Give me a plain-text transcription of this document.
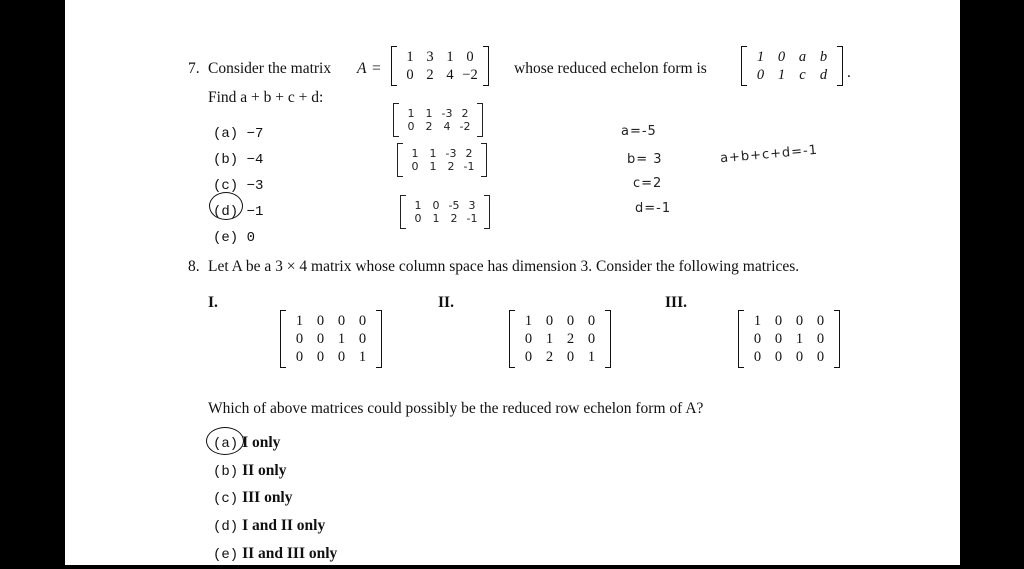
7. Consider the matrix A =
1 3 1 0
0 2 4 −2 whose reduced echelon form is
1 0 a b
0 1 c d	.
Find a + b + c + d:
(a) −7
(b) −4
(c) −3
(d) −1
(e) 0
1	1 -3 2
0	2	4 -2
1	1 -3 2
0	1	2 -1
1	0 -5 3
0	1	2 -1
a=-5
b= 3
c=2
d=-1
a+b+c+d=-1
8. Let A be a 3 × 4 matrix whose column space has dimension 3. Consider the following matrices.
I.	II.	III.
1 0 0 0
0 0 1 0
0 0 0 1
1 0 0 0
0 1 2 0
0 2 0 1
1 0 0 0
0 0 1 0
0 0 0 0
Which of above matrices could possibly be the reduced row echelon form of A?
(a) I only
(b) II only
(c) III only
(d) I and II only
(e) II and III only
